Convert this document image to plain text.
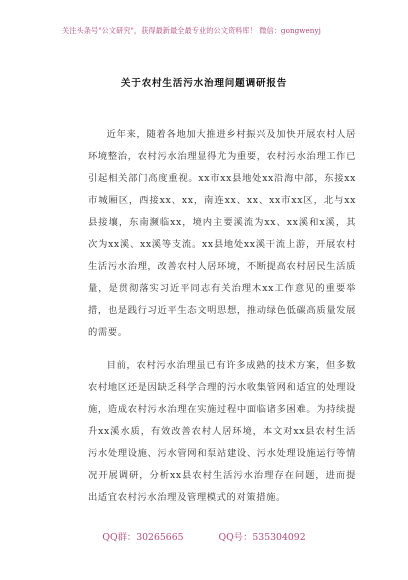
关注头条号"公文研究"，获得最新最全最专业的公文资料库！ 微信：gongwenyj
关于农村生活污水治理问题调研报告

近年来，随着各地加大推进乡村振兴及加快开展农村人居环境整治，农村污水治理显得尤为重要，农村污水治理工作已引起相关部门高度重视。xx市xx县地处xx沿海中部，东接xx市城厢区，西接xx、xx，南连xx、xx、xx市xx区，北与xx县接壤，东南濒临xx，境内主要溪流为xx、xx溪和x溪，其次为xx溪、xx溪等支流。xx县地处xx溪干流上游，开展农村生活污水治理，改善农村人居环境，不断提高农村居民生活质量，是贯彻落实习近平同志有关治理木xx工作意见的重要举措，也是践行习近平生态文明思想，推动绿色低碳高质量发展的需要。

目前，农村污水治理虽已有许多成熟的技术方案，但多数农村地区还是因缺乏科学合理的污水收集管网和适宜的处理设施，造成农村污水治理在实施过程中面临诸多困难。为持续提升xx溪水质，有效改善农村人居环境，本文对xx县农村生活污水处理设施、污水管网和泵站建设、污水处理设施运行等情况开展调研，分析xx县农村生活污水治理存在问题，进而提出适宜农村污水治理及管理模式的对策措施。

QQ群：30265665	QQ号：535304092
